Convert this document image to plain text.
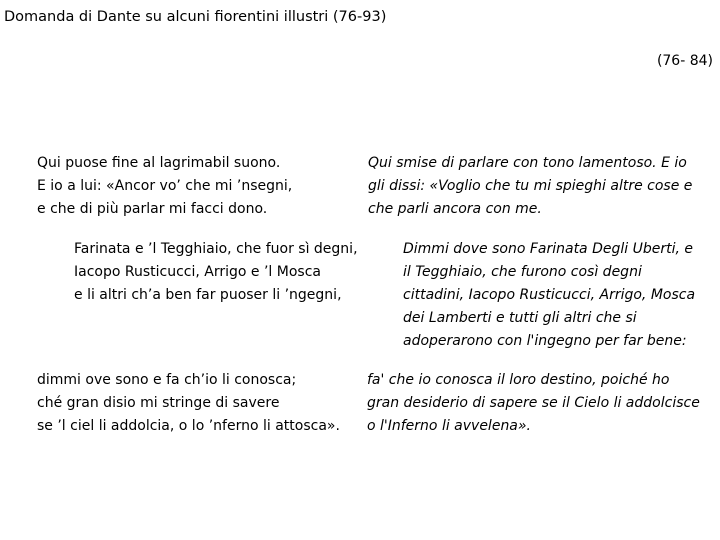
Domanda di Dante su alcuni fiorentini illustri (76-93)
(76- 84)
Qui puose fine al lagrimabil suono.
E io a lui: «Ancor vo’ che mi ’nsegni,
e che di più parlar mi facci dono.
Qui smise di parlare con tono lamentoso. E io
gli dissi: «Voglio che tu mi spieghi altre cose e
che parli ancora con me.
Farinata e ’l Tegghiaio, che fuor sì degni,
Iacopo Rusticucci, Arrigo e ’l Mosca
e li altri ch’a ben far puoser li ’ngegni,
Dimmi dove sono Farinata Degli Uberti, e
il Tegghiaio, che furono così degni
cittadini, Iacopo Rusticucci, Arrigo, Mosca
dei Lamberti e tutti gli altri che si
adoperarono con l'ingegno per far bene:
dimmi ove sono e fa ch’io li conosca;
ché gran disio mi stringe di savere
se ’l ciel li addolcia, o lo ’nferno li attosca».
fa' che io conosca il loro destino, poiché ho
gran desiderio di sapere se il Cielo li addolcisce
o l'Inferno li avvelena».
